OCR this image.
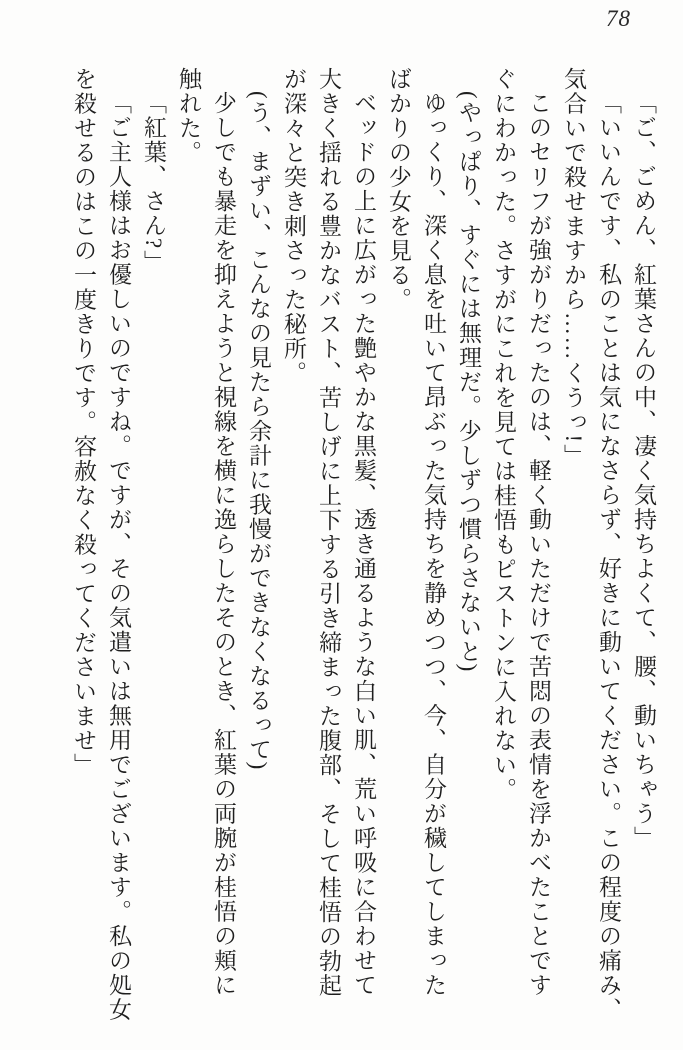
78

「ご、ごめん、紅葉さんの中、凄く気持ちよくて、腰、動いちゃう」

「いいんです、私のことは気になさらず、好きに動いてください。この程度の痛み、

気合いで殺せますから……くうっ!」

このセリフが強がりだったのは、軽く動いただけで苦悶の表情を浮かべたことです

ぐにわかった。さすがにこれを見ては桂悟もピストンに入れない。

(やっぱり、すぐには無理だ。少しずつ慣らさないと)

ゆっくり、深く息を吐いて昂ぶった気持ちを静めつつ、今、自分が穢してしまった

ばかりの少女を見る。

ベッドの上に広がった艶やかな黒髪、透き通るような白い肌、荒い呼吸に合わせて

大きく揺れる豊かなバスト、苦しげに上下する引き締まった腹部、そして桂悟の勃起

が深々と突き刺さった秘所。

(う、まずい、こんなの見たら余計に我慢ができなくなるって)

少しでも暴走を抑えようと視線を横に逸らしたそのとき、紅葉の両腕が桂悟の頬に

触れた。

「紅葉、さん?」

「ご主人様はお優しいのですね。ですが、その気遣いは無用でございます。私の処女

を殺せるのはこの一度きりです。容赦なく殺ってくださいませ」
